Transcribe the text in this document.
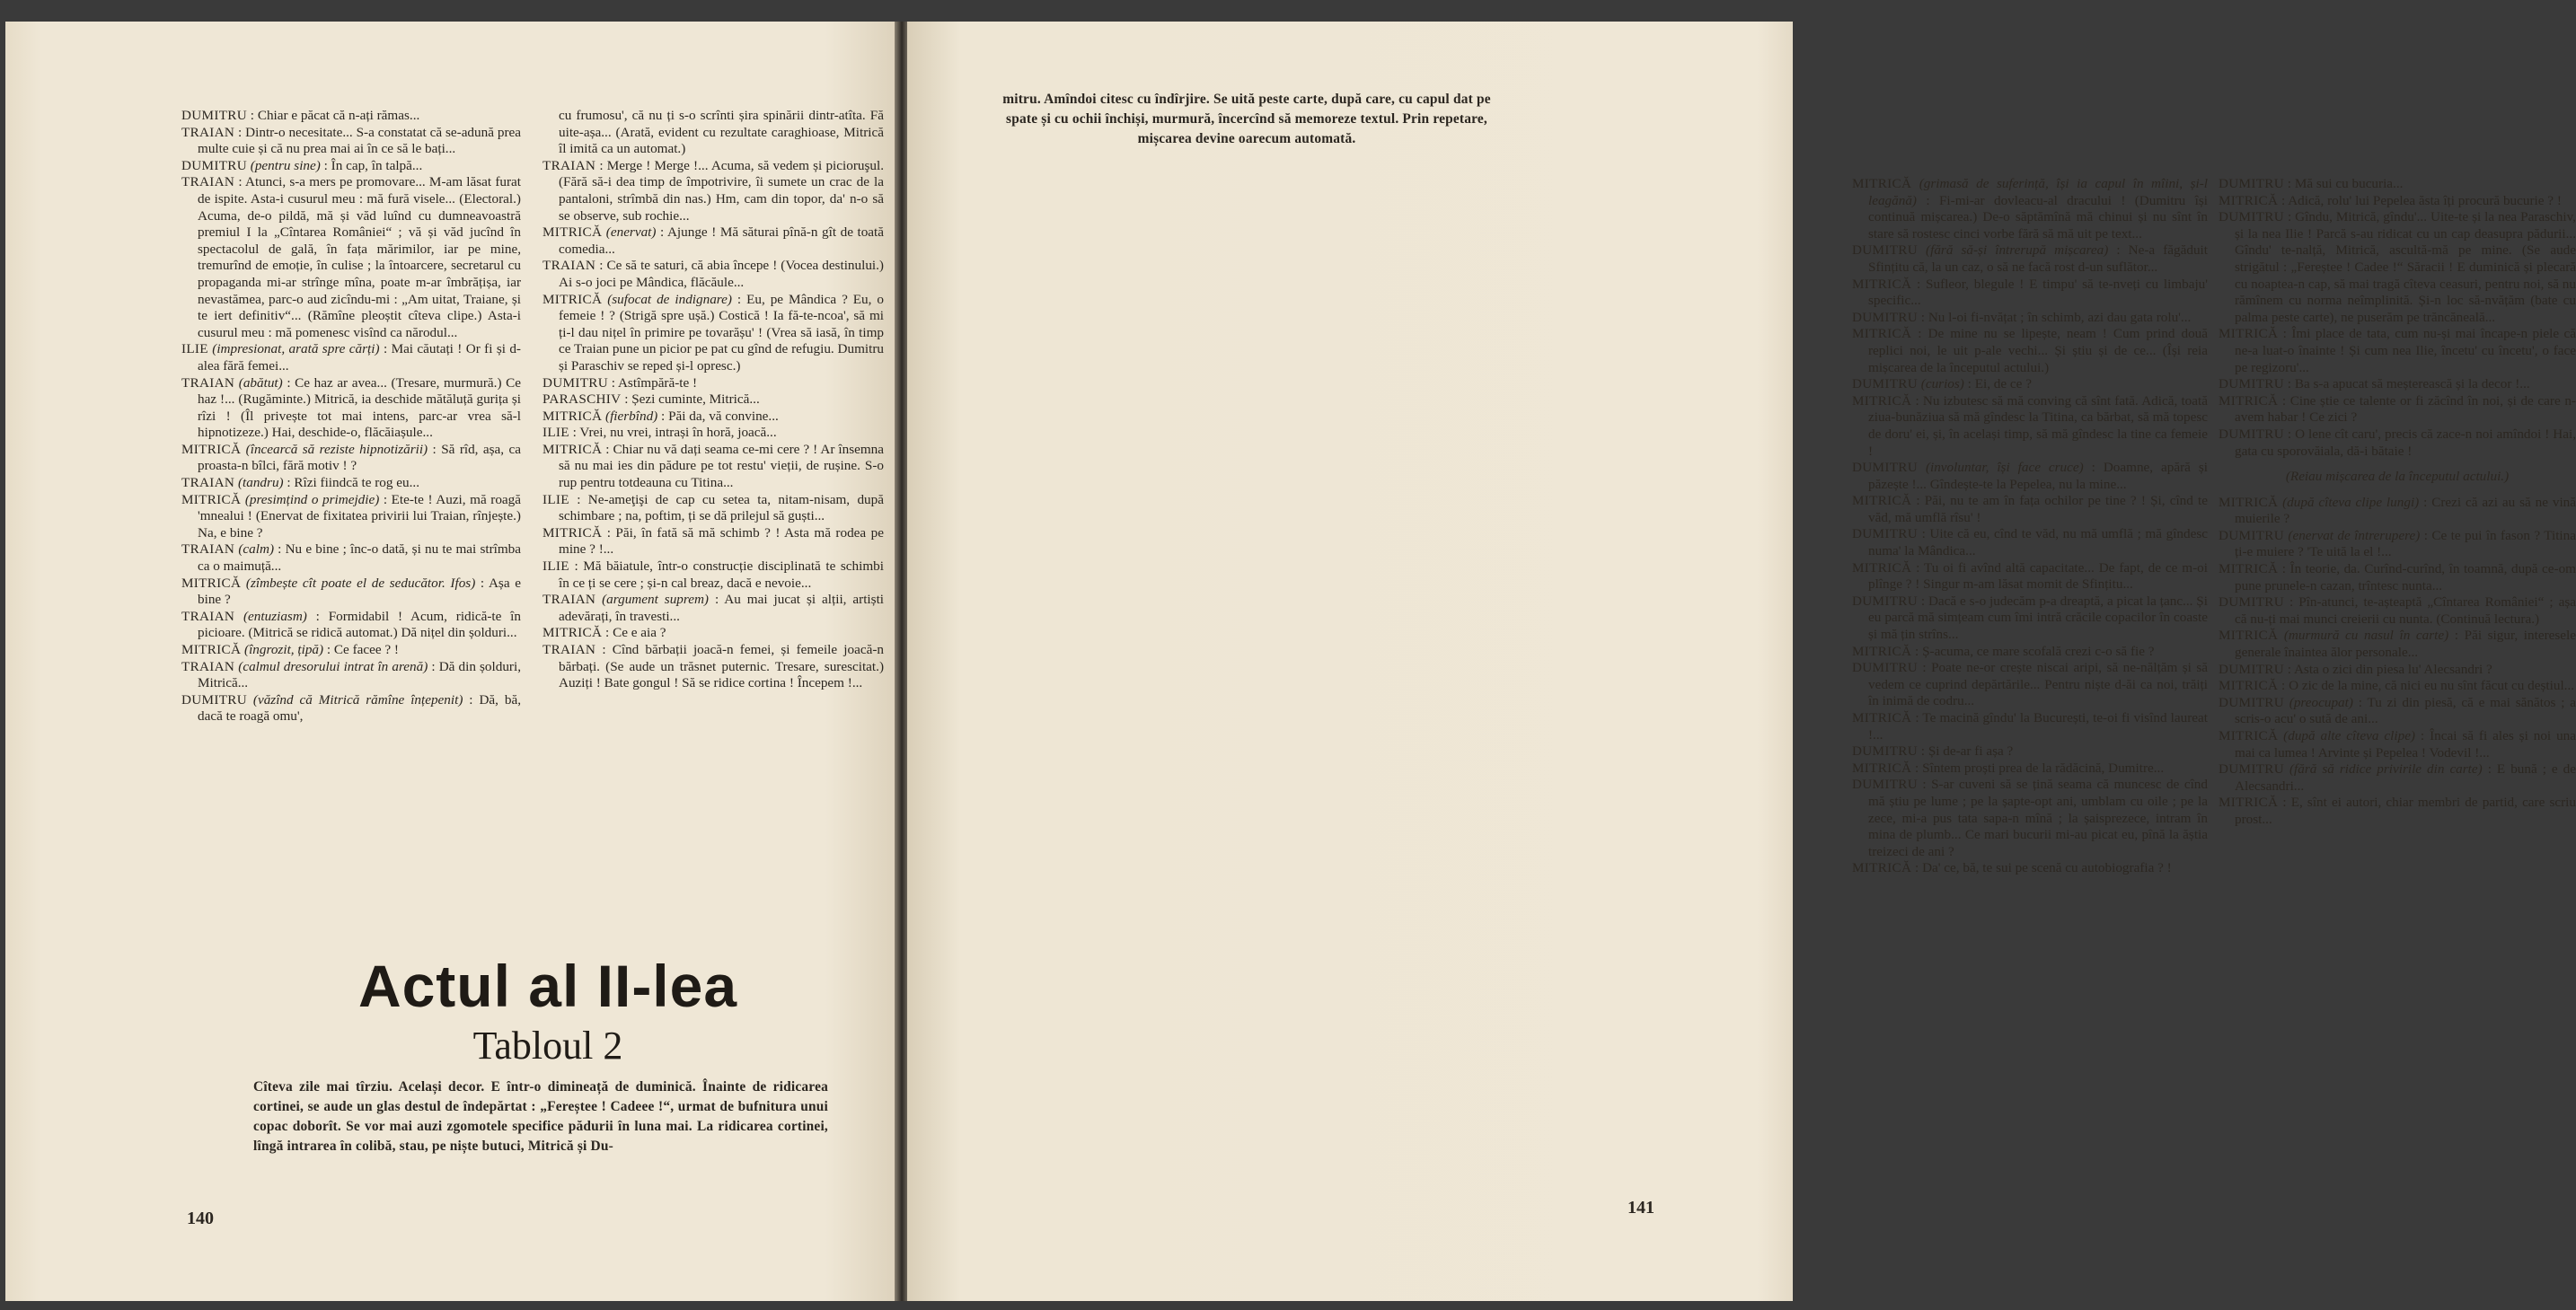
DUMITRU : Chiar e păcat că n-ați rămas...

TRAIAN : Dintr-o necesitate... S-a constatat că se-adună prea multe cuie și că nu prea mai ai în ce să le bați...

DUMITRU (pentru sine) : În cap, în talpă...

TRAIAN : Atunci, s-a mers pe promovare... M-am lăsat furat de ispite. Asta-i cusurul meu : mă fură visele... (Electoral.) Acuma, de-o pildă, mă și văd luînd cu dumneavoastră premiul I la „Cîntarea României“ ; vă și văd jucînd în spectacolul de gală, în fața mărimilor, iar pe mine, tremurînd de emoție, în culise ; la întoarcere, secretarul cu propaganda mi-ar strînge mîna, poate m-ar îmbrățișa, iar nevastămea, parc-o aud zicîndu-mi : „Am uitat, Traiane, și te iert definitiv“... (Rămîne pleoștit cîteva clipe.) Asta-i cusurul meu : mă pomenesc visînd ca nărodul...

ILIE (impresionat, arată spre cărți) : Mai căutați ! Or fi și d-alea fără femei...

TRAIAN (abătut) : Ce haz ar avea... (Tresare, murmură.) Ce haz !... (Rugăminte.) Mitrică, ia deschide mătăluță gurița și rîzi ! (Îl privește tot mai intens, parc-ar vrea să-l hipnotizeze.) Hai, deschide-o, flăcăiașule...

MITRICĂ (încearcă să reziste hipnotizării) : Să rîd, așa, ca proasta-n bîlci, fără motiv ! ?

TRAIAN (tandru) : Rîzi fiindcă te rog eu...

MITRICĂ (presimțind o primejdie) : Ete-te ! Auzi, mă roagă 'mnealui ! (Enervat de fixitatea privirii lui Traian, rînjește.) Na, e bine ?

TRAIAN (calm) : Nu e bine ; înc-o dată, și nu te mai strîmba ca o maimuță...

MITRICĂ (zîmbește cît poate el de seducător. Ifos) : Așa e bine ?

TRAIAN (entuziasm) : Formidabil ! Acum, ridică-te în picioare. (Mitrică se ridică automat.) Dă nițel din șolduri...

MITRICĂ (îngrozit, țipă) : Ce facee ? !

TRAIAN (calmul dresorului intrat în arenă) : Dă din șolduri, Mitrică...

DUMITRU (văzînd că Mitrică rămîne înțepenit) : Dă, bă, dacă te roagă omu',

cu frumosu', că nu ți s-o scrînti șira spinării dintr-atîta. Fă uite-așa... (Arată, evident cu rezultate caraghioase, Mitrică îl imită ca un automat.)

TRAIAN : Merge ! Merge !... Acuma, să vedem și picioruşul. (Fără să-i dea timp de împotrivire, îi sumete un crac de la pantaloni, strîmbă din nas.) Hm, cam din topor, da' n-o să se observe, sub rochie...

MITRICĂ (enervat) : Ajunge ! Mă săturai pînă-n gît de toată comedia...

TRAIAN : Ce să te saturi, că abia începe ! (Vocea destinului.) Ai s-o joci pe Mândica, flăcăule...

MITRICĂ (sufocat de indignare) : Eu, pe Mândica ? Eu, o femeie ! ? (Strigă spre ușă.) Costică ! Ia fă-te-ncoa', să mi ți-l dau nițel în primire pe tovarășu' ! (Vrea să iasă, în timp ce Traian pune un picior pe pat cu gînd de refugiu. Dumitru și Paraschiv se reped și-l opresc.)

DUMITRU : Astîmpără-te !

PARASCHIV : Șezi cuminte, Mitrică...

MITRICĂ (fierbînd) : Păi da, vă convine...

ILIE : Vrei, nu vrei, intrași în horă, joacă...

MITRICĂ : Chiar nu vă dați seama ce-mi cere ? ! Ar însemna să nu mai ies din pădure pe tot restu' vieții, de rușine. S-o rup pentru totdeauna cu Titina...

ILIE : Ne-ameţişi de cap cu setea ta, nitam-nisam, după schimbare ; na, poftim, ți se dă prilejul să guști...

MITRICĂ : Păi, în fată să mă schimb ? ! Asta mă rodea pe mine ? !...

ILIE : Mă băiatule, într-o construcție disciplinată te schimbi în ce ți se cere ; și-n cal breaz, dacă e nevoie...

TRAIAN (argument suprem) : Au mai jucat și alții, artiști adevărați, în travesti...

MITRICĂ : Ce e aia ?

TRAIAN : Cînd bărbații joacă-n femei, și femeile joacă-n bărbați. (Se aude un trăsnet puternic. Tresare, surescitat.) Auziți ! Bate gongul ! Să se ridice cortina ! Începem !...

MITRICĂ (grimasă de suferință, își ia capul în mîini, și-l leagănă) : Fi-mi-ar dovleacu-al dracului ! (Dumitru își continuă mișcarea.) De-o săptămînă mă chinui și nu sînt în stare să rostesc cinci vorbe fără să mă uit pe text...

DUMITRU (fără să-și întrerupă mișcarea) : Ne-a făgăduit Sfințitu că, la un caz, o să ne facă rost d-un suflător...

MITRICĂ : Sufleor, blegule ! E timpu' să te-nveți cu limbaju' specific...

DUMITRU : Nu l-oi fi-nvățat ; în schimb, azi dau gata rolu'...

MITRICĂ : De mine nu se lipește, neam ! Cum prind două replici noi, le uit p-ale vechi... Și știu și de ce... (Își reia mișcarea de la începutul actului.)

DUMITRU (curios) : Ei, de ce ?

MITRICĂ : Nu izbutesc să mă conving că sînt fată. Adică, toată ziua-bunăziua să mă gîndesc la Titina, ca bărbat, să mă topesc de doru' ei, și, în același timp, să mă gîndesc la tine ca femeie !

DUMITRU (involuntar, își face cruce) : Doamne, apără și păzește !... Gîndește-te la Pepelea, nu la mine...

MITRICĂ : Păi, nu te am în fața ochilor pe tine ? ! Și, cînd te văd, mă umflă rîsu' !

DUMITRU : Uite că eu, cînd te văd, nu mă umflă ; mă gîndesc numa' la Mândica...

MITRICĂ : Tu oi fi avînd altă capacitate... De fapt, de ce m-oi plînge ? ! Singur m-am lăsat momit de Sfințitu...

DUMITRU : Dacă e s-o judecăm p-a dreaptă, a picat la țanc... Și eu parcă mă simțeam cum îmi intră crăcile copacilor în coaste și mă țin strîns...

MITRICĂ : Ș-acuma, ce mare scofală crezi c-o să fie ?

DUMITRU : Poate ne-or crește niscai aripi, să ne-nălțăm și să vedem ce cuprind depărtările... Pentru niște d-ăi ca noi, trăiți în inimă de codru...

MITRICĂ : Te macină gîndu' la București, te-oi fi visînd laureat !...

DUMITRU : Și de-ar fi așa ?

MITRICĂ : Sîntem proști prea de la rădăcină, Dumitre...

DUMITRU : S-ar cuveni să se țină seama că muncesc de cînd mă știu pe lume ; pe la șapte-opt ani, umblam cu oile ; pe la zece, mi-a pus tata sapa-n mînă ; la șaisprezece, intram în mina de plumb... Ce mari bucurii mi-au picat eu, pînă la ăștia treizeci de ani ?

MITRICĂ : Da' ce, bă, te sui pe scenă cu autobiografia ? !

DUMITRU : Mă sui cu bucuria...

MITRICĂ : Adică, rolu' lui Pepelea ăsta îți procură bucurie ? !

DUMITRU : Gîndu, Mitrică, gîndu'... Uite-te și la nea Paraschiv, și la nea Ilie ! Parcă s-au ridicat cu un cap deasupra pădurii... Gîndu' te-nalță, Mitrică, ascultă-mă pe mine. (Se aude strigătul : „Fereștee ! Cadee !“ Săracii ! E duminică și plecară cu noaptea-n cap, să mai tragă cîteva ceasuri, pentru noi, să nu rămînem cu norma neîmplinită. Și-n loc să-nvățăm (bate cu palma peste carte), ne puserăm pe trăncăneală...

MITRICĂ : Îmi place de tata, cum nu-și mai încape-n piele că ne-a luat-o înainte ! Și cum nea Ilie, încetu' cu încetu', o face pe regizoru'...

DUMITRU : Ba s-a apucat să meșterească și la decor !...

MITRICĂ : Cine știe ce talente or fi zăcînd în noi, și de care n-avem habar ! Ce zici ?

DUMITRU : O lene cît caru', precis că zace-n noi amîndoi ! Hai, gata cu sporovăiala, dă-i bătaie !

(Reiau mișcarea de la începutul actului.)

MITRICĂ (după cîteva clipe lungi) : Crezi că azi au să ne vină muierile ?

DUMITRU (enervat de întrerupere) : Ce te pui în fason ? Titina ți-e muiere ? 'Te uită la el !...

MITRICĂ : În teorie, da. Curînd-curînd, în toamnă, după ce-om pune prunele-n cazan, trîntesc nunta...

DUMITRU : Pîn-atunci, te-așteaptă „Cîntarea României“ ; așa că nu-ți mai munci creierii cu nunta. (Continuă lectura.)

MITRICĂ (murmură cu nasul în carte) : Păi sigur, interesele generale înaintea ălor personale...

DUMITRU : Asta o zici din piesa lu' Alecsandri ?

MITRICĂ : O zic de la mine, că nici eu nu sînt făcut cu deștiul...

DUMITRU (preocupat) : Tu zi din piesă, că e mai sănătos ; a scris-o acu' o sută de ani...

MITRICĂ (după alte cîteva clipe) : Încai să fi ales și noi una mai ca lumea ! Arvinte și Pepelea ! Vodevil !...

DUMITRU (fără să ridice privirile din carte) : E bună ; e de Alecsandri...

MITRICĂ : E, sînt ei autori, chiar membri de partid, care scriu prost...

Actul al II-lea
Tabloul 2
Cîteva zile mai tîrziu. Același decor. E într-o dimineață de duminică. Înainte de ridicarea cortinei, se aude un glas destul de îndepărtat : „Fereștee ! Cadeee !“, urmat de bufnitura unui copac doborît. Se vor mai auzi zgomotele specifice pădurii în luna mai. La ridicarea cortinei, lîngă intrarea în colibă, stau, pe niște butuci, Mitrică și Du-
mitru. Amîndoi citesc cu îndîrjire. Se uită peste carte, după care, cu capul dat pe spate și cu ochii închiși, murmură, încercînd să memoreze textul. Prin repetare, mișcarea devine oarecum automată.
140
141
